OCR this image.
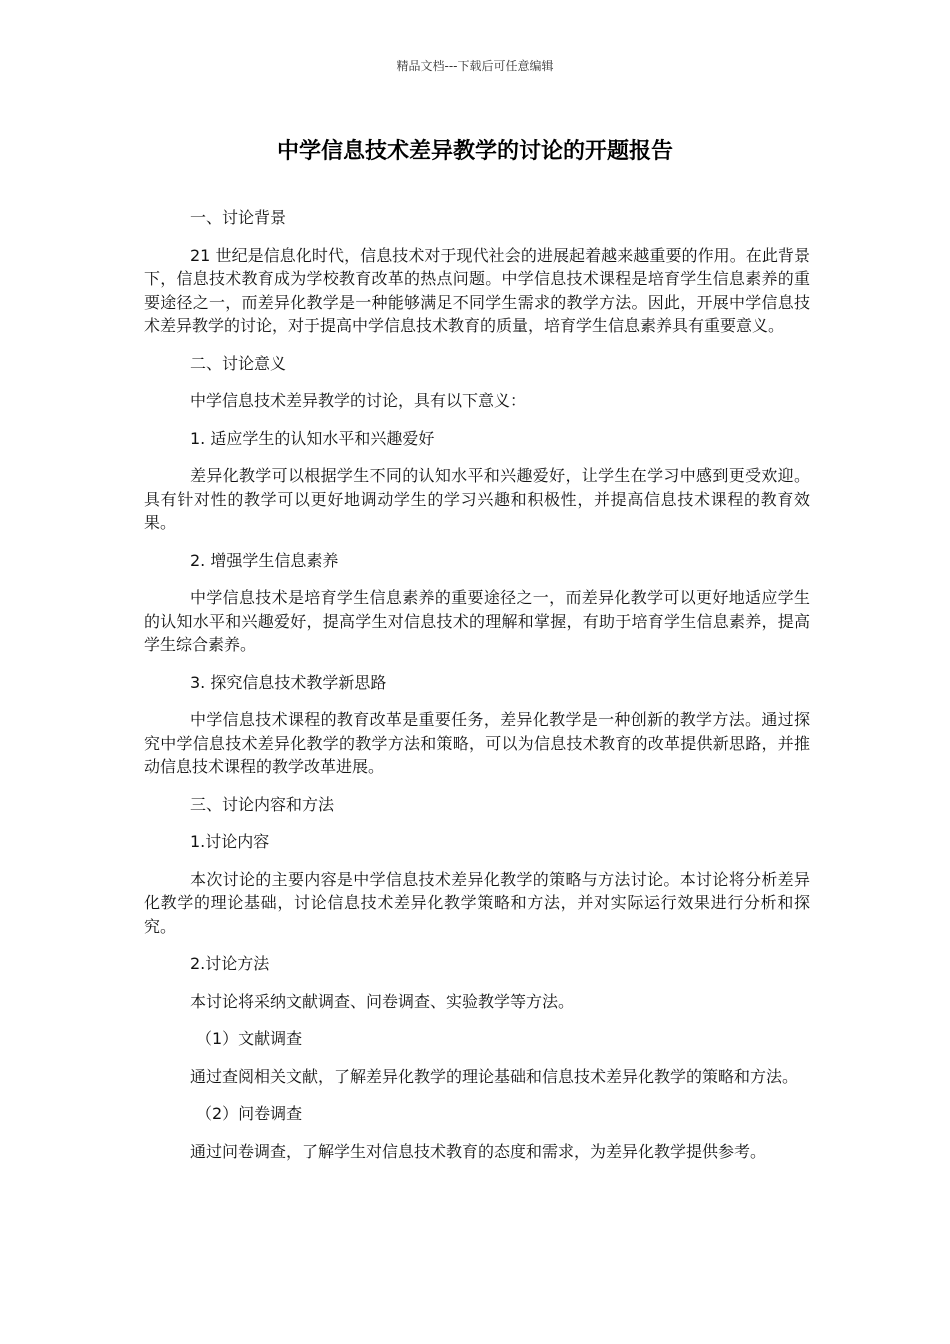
精品文档---下载后可任意编辑
中学信息技术差异教学的讨论的开题报告

一、讨论背景

21 世纪是信息化时代，信息技术对于现代社会的进展起着越来越重要的作用。在此背景下，信息技术教育成为学校教育改革的热点问题。中学信息技术课程是培育学生信息素养的重要途径之一，而差异化教学是一种能够满足不同学生需求的教学方法。因此，开展中学信息技术差异教学的讨论，对于提高中学信息技术教育的质量，培育学生信息素养具有重要意义。

二、讨论意义

中学信息技术差异教学的讨论，具有以下意义：

1. 适应学生的认知水平和兴趣爱好

差异化教学可以根据学生不同的认知水平和兴趣爱好，让学生在学习中感到更受欢迎。具有针对性的教学可以更好地调动学生的学习兴趣和积极性，并提高信息技术课程的教育效果。

2. 增强学生信息素养

中学信息技术是培育学生信息素养的重要途径之一，而差异化教学可以更好地适应学生的认知水平和兴趣爱好，提高学生对信息技术的理解和掌握，有助于培育学生信息素养，提高学生综合素养。

3. 探究信息技术教学新思路

中学信息技术课程的教育改革是重要任务，差异化教学是一种创新的教学方法。通过探究中学信息技术差异化教学的教学方法和策略，可以为信息技术教育的改革提供新思路，并推动信息技术课程的教学改革进展。

三、讨论内容和方法

1.讨论内容

本次讨论的主要内容是中学信息技术差异化教学的策略与方法讨论。本讨论将分析差异化教学的理论基础，讨论信息技术差异化教学策略和方法，并对实际运行效果进行分析和探究。

2.讨论方法

本讨论将采纳文献调查、问卷调查、实验教学等方法。

（1）文献调查

通过查阅相关文献，了解差异化教学的理论基础和信息技术差异化教学的策略和方法。

（2）问卷调查

通过问卷调查，了解学生对信息技术教育的态度和需求，为差异化教学提供参考。
